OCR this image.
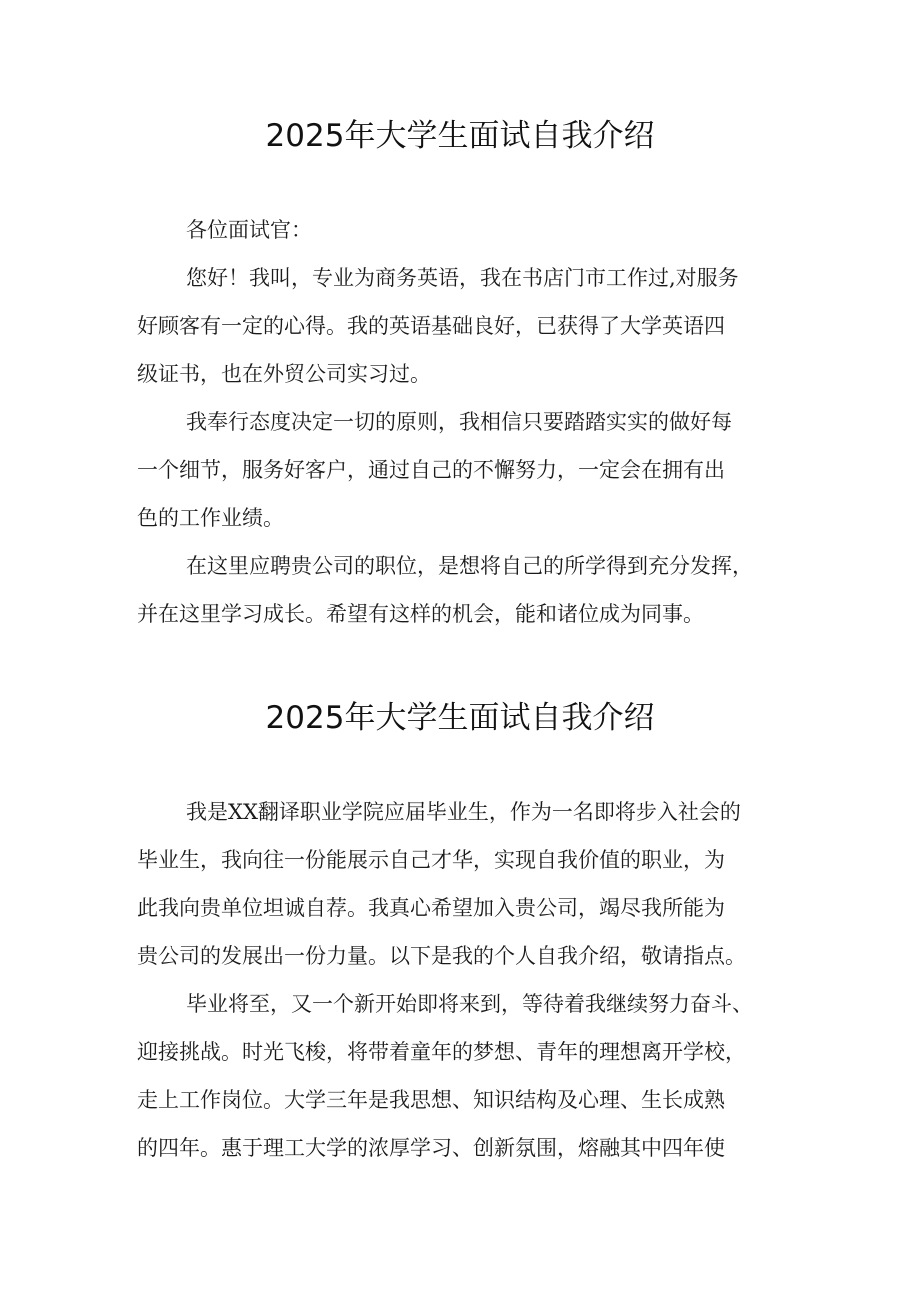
2025年大学生面试自我介绍
各位面试官：
您好！我叫，专业为商务英语，我在书店门市工作过,对服务
好顾客有一定的心得。我的英语基础良好，已获得了大学英语四
级证书，也在外贸公司实习过。
我奉行态度决定一切的原则，我相信只要踏踏实实的做好每
一个细节，服务好客户，通过自己的不懈努力，一定会在拥有出
色的工作业绩。
在这里应聘贵公司的职位，是想将自己的所学得到充分发挥，
并在这里学习成长。希望有这样的机会，能和诸位成为同事。
2025年大学生面试自我介绍
我是XX翻译职业学院应届毕业生，作为一名即将步入社会的
毕业生，我向往一份能展示自己才华，实现自我价值的职业，为
此我向贵单位坦诚自荐。我真心希望加入贵公司，竭尽我所能为
贵公司的发展出一份力量。以下是我的个人自我介绍，敬请指点。
毕业将至，又一个新开始即将来到，等待着我继续努力奋斗、
迎接挑战。时光飞梭，将带着童年的梦想、青年的理想离开学校，
走上工作岗位。大学三年是我思想、知识结构及心理、生长成熟
的四年。惠于理工大学的浓厚学习、创新氛围，熔融其中四年使
